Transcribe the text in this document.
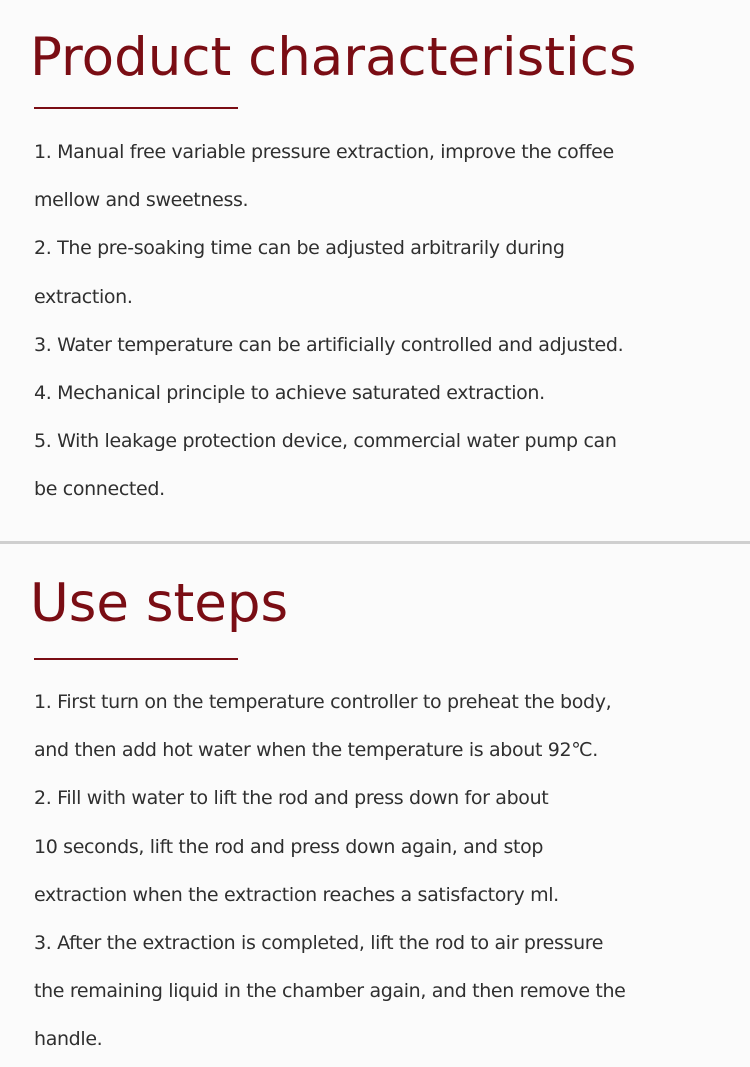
Product characteristics
1. Manual free variable pressure extraction, improve the coffee
mellow and sweetness.
2. The pre-soaking time can be adjusted arbitrarily during
extraction.
3. Water temperature can be artificially controlled and adjusted.
4. Mechanical principle to achieve saturated extraction.
5. With leakage protection device, commercial water pump can
be connected.
Use steps
1. First turn on the temperature controller to preheat the body,
and then add hot water when the temperature is about 92℃.
2. Fill with water to lift the rod and press down for about
10 seconds, lift the rod and press down again, and stop
extraction when the extraction reaches a satisfactory ml.
3. After the extraction is completed, lift the rod to air pressure
the remaining liquid in the chamber again, and then remove the
handle.
